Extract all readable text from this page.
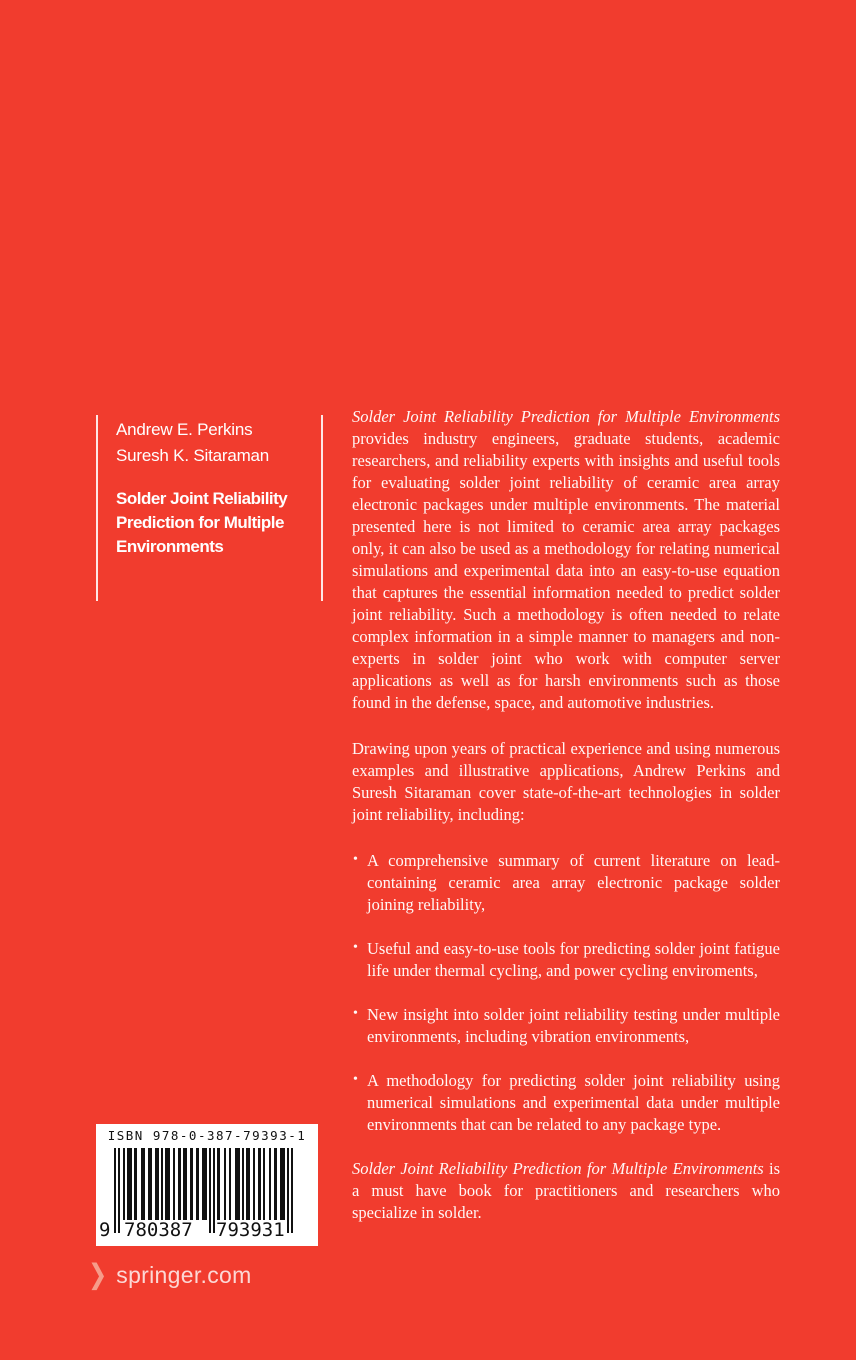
Andrew E. Perkins
Suresh K. Sitaraman
Solder Joint Reliability Prediction for Multiple Environments

Solder Joint Reliability Prediction for Multiple Environments provides industry engineers, graduate students, academic researchers, and reliability experts with insights and useful tools for evaluating solder joint reliability of ceramic area array electronic packages under multiple environments. The material presented here is not limited to ceramic area array packages only, it can also be used as a methodology for relating numerical simulations and experimental data into an easy-to-use equation that captures the essential information needed to predict solder joint reliability. Such a methodology is often needed to relate complex information in a simple manner to managers and non-experts in solder joint who work with computer server applications as well as for harsh environments such as those found in the defense, space, and automotive industries.

Drawing upon years of practical experience and using numerous examples and illustrative applications, Andrew Perkins and Suresh Sitaraman cover state-of-the-art technologies in solder joint reliability, including:

• A comprehensive summary of current literature on lead-containing ceramic area array electronic package solder joining reliability,
• Useful and easy-to-use tools for predicting solder joint fatigue life under thermal cycling, and power cycling enviroments,
• New insight into solder joint reliability testing under multiple environments, including vibration environments,
• A methodology for predicting solder joint reliability using numerical simulations and experimental data under multiple environments that can be related to any package type.

Solder Joint Reliability Prediction for Multiple Environments is a must have book for practitioners and researchers who specialize in solder.

ISBN 978-0-387-79393-1
9 780387 793931
❯ springer.com
